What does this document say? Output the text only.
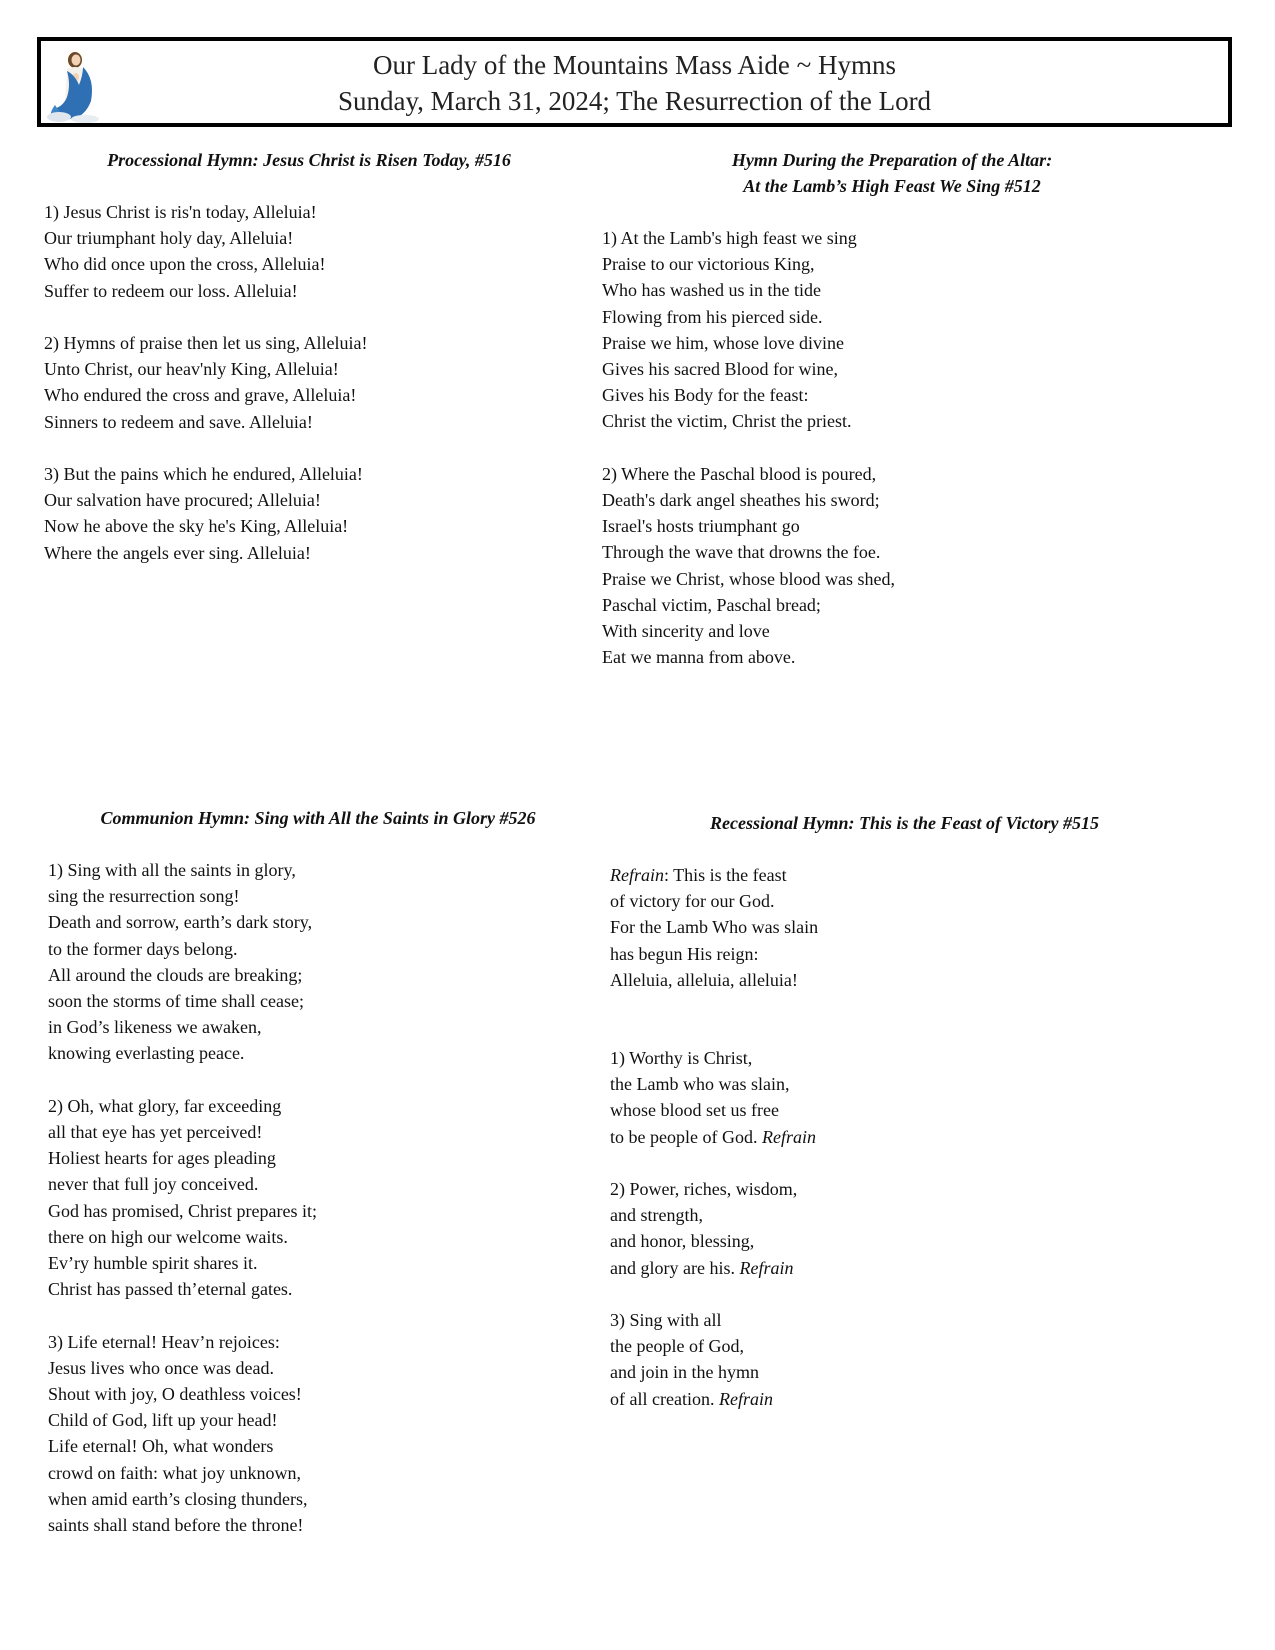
Our Lady of the Mountains Mass Aide ~ Hymns
Sunday, March 31, 2024; The Resurrection of the Lord
Processional Hymn: Jesus Christ is Risen Today, #516
1) Jesus Christ is ris'n today, Alleluia!
Our triumphant holy day, Alleluia!
Who did once upon the cross, Alleluia!
Suffer to redeem our loss. Alleluia!
2) Hymns of praise then let us sing, Alleluia!
Unto Christ, our heav'nly King, Alleluia!
Who endured the cross and grave, Alleluia!
Sinners to redeem and save. Alleluia!
3) But the pains which he endured, Alleluia!
Our salvation have procured; Alleluia!
Now he above the sky he's King, Alleluia!
Where the angels ever sing. Alleluia!
Hymn During the Preparation of the Altar:
At the Lamb’s High Feast We Sing #512
1) At the Lamb's high feast we sing
Praise to our victorious King,
Who has washed us in the tide
Flowing from his pierced side.
Praise we him, whose love divine
Gives his sacred Blood for wine,
Gives his Body for the feast:
Christ the victim, Christ the priest.
2) Where the Paschal blood is poured,
Death's dark angel sheathes his sword;
Israel's hosts triumphant go
Through the wave that drowns the foe.
Praise we Christ, whose blood was shed,
Paschal victim, Paschal bread;
With sincerity and love
Eat we manna from above.
Communion Hymn: Sing with All the Saints in Glory #526
1) Sing with all the saints in glory,
sing the resurrection song!
Death and sorrow, earth’s dark story,
to the former days belong.
All around the clouds are breaking;
soon the storms of time shall cease;
in God’s likeness we awaken,
knowing everlasting peace.
2) Oh, what glory, far exceeding
all that eye has yet perceived!
Holiest hearts for ages pleading
never that full joy conceived.
God has promised, Christ prepares it;
there on high our welcome waits.
Ev’ry humble spirit shares it.
Christ has passed th’eternal gates.
3) Life eternal! Heav’n rejoices:
Jesus lives who once was dead.
Shout with joy, O deathless voices!
Child of God, lift up your head!
Life eternal! Oh, what wonders
crowd on faith: what joy unknown,
when amid earth’s closing thunders,
saints shall stand before the throne!
Recessional Hymn: This is the Feast of Victory #515
Refrain: This is the feast
of victory for our God.
For the Lamb Who was slain
has begun His reign:
Alleluia, alleluia, alleluia!
1) Worthy is Christ,
the Lamb who was slain,
whose blood set us free
to be people of God. Refrain
2) Power, riches, wisdom,
and strength,
and honor, blessing,
and glory are his. Refrain
3) Sing with all
the people of God,
and join in the hymn
of all creation. Refrain
